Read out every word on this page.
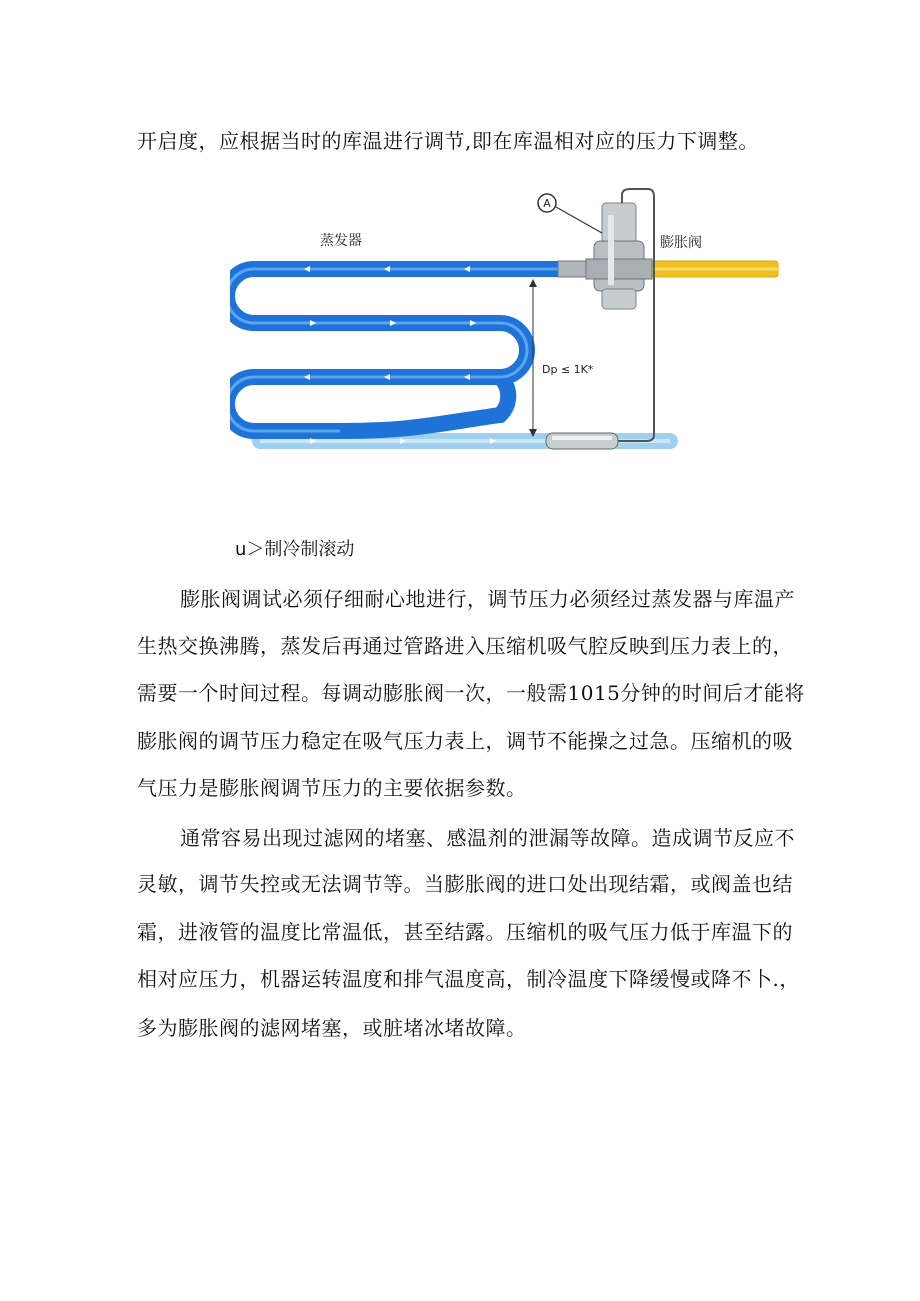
开启度，应根据当时的库温进行调节,即在库温相对应的压力下调整。
A
Dp ≤ 1K*
蒸发器	膨胀阀
u＞制冷制滚动
膨胀阀调试必须仔细耐心地进行，调节压力必须经过蒸发器与库温产
生热交换沸腾，蒸发后再通过管路进入压缩机吸气腔反映到压力表上的，
需要一个时间过程。每调动膨胀阀一次，一般需1015分钟的时间后才能将
膨胀阀的调节压力稳定在吸气压力表上，调节不能操之过急。压缩机的吸
气压力是膨胀阀调节压力的主要依据参数。
通常容易出现过滤网的堵塞、感温剂的泄漏等故障。造成调节反应不
灵敏，调节失控或无法调节等。当膨胀阀的进口处出现结霜，或阀盖也结
霜，进液管的温度比常温低，甚至结露。压缩机的吸气压力低于库温下的
相对应压力，机器运转温度和排气温度高，制冷温度下降缓慢或降不卜.，
多为膨胀阀的滤网堵塞，或脏堵冰堵故障。
